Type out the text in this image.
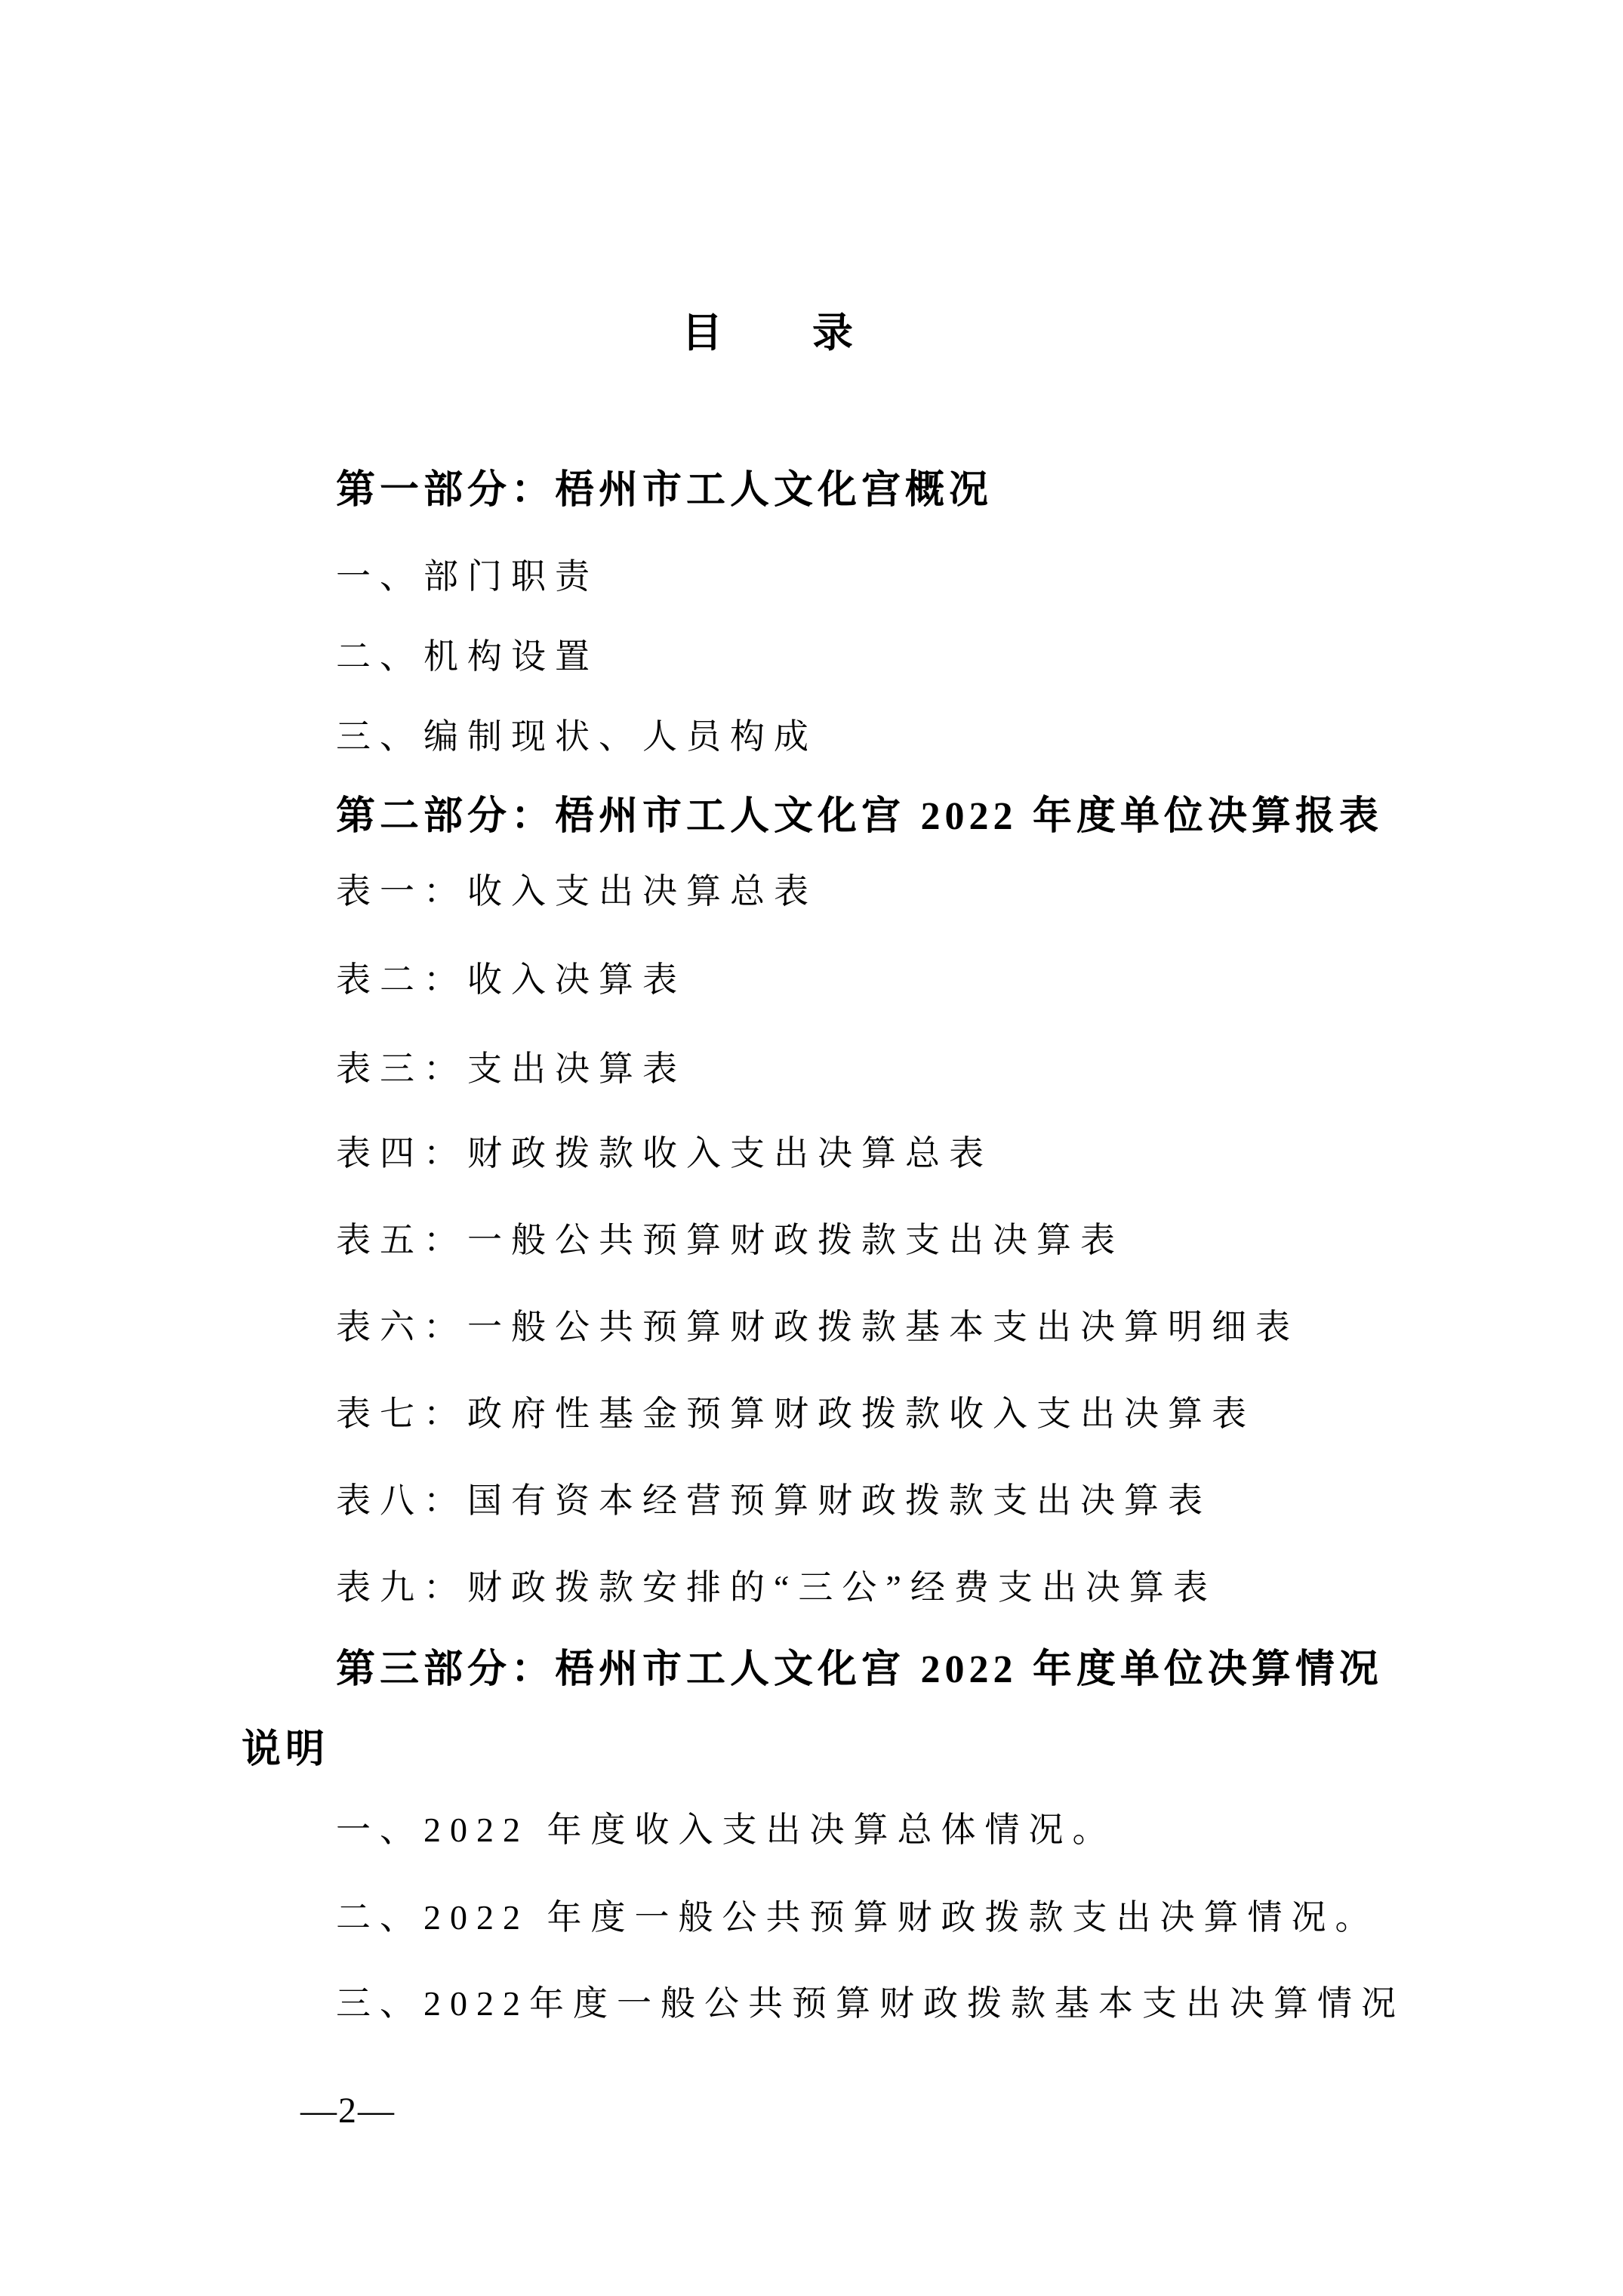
目 录
第一部分：梧州市工人文化宫概况
一、部门职责
二、机构设置
三、编制现状、人员构成
第二部分：梧州市工人文化宫 2022 年度单位决算报表
表一：收入支出决算总表
表二：收入决算表
表三：支出决算表
表四：财政拨款收入支出决算总表
表五：一般公共预算财政拨款支出决算表
表六：一般公共预算财政拨款基本支出决算明细表
表七：政府性基金预算财政拨款收入支出决算表
表八：国有资本经营预算财政拨款支出决算表
表九：财政拨款安排的“三公”经费支出决算表
第三部分：梧州市工人文化宫 2022 年度单位决算情况
说明
一、2022 年度收入支出决算总体情况。
二、2022 年度一般公共预算财政拨款支出决算情况。
三、2022年度一般公共预算财政拨款基本支出决算情况
—2—
